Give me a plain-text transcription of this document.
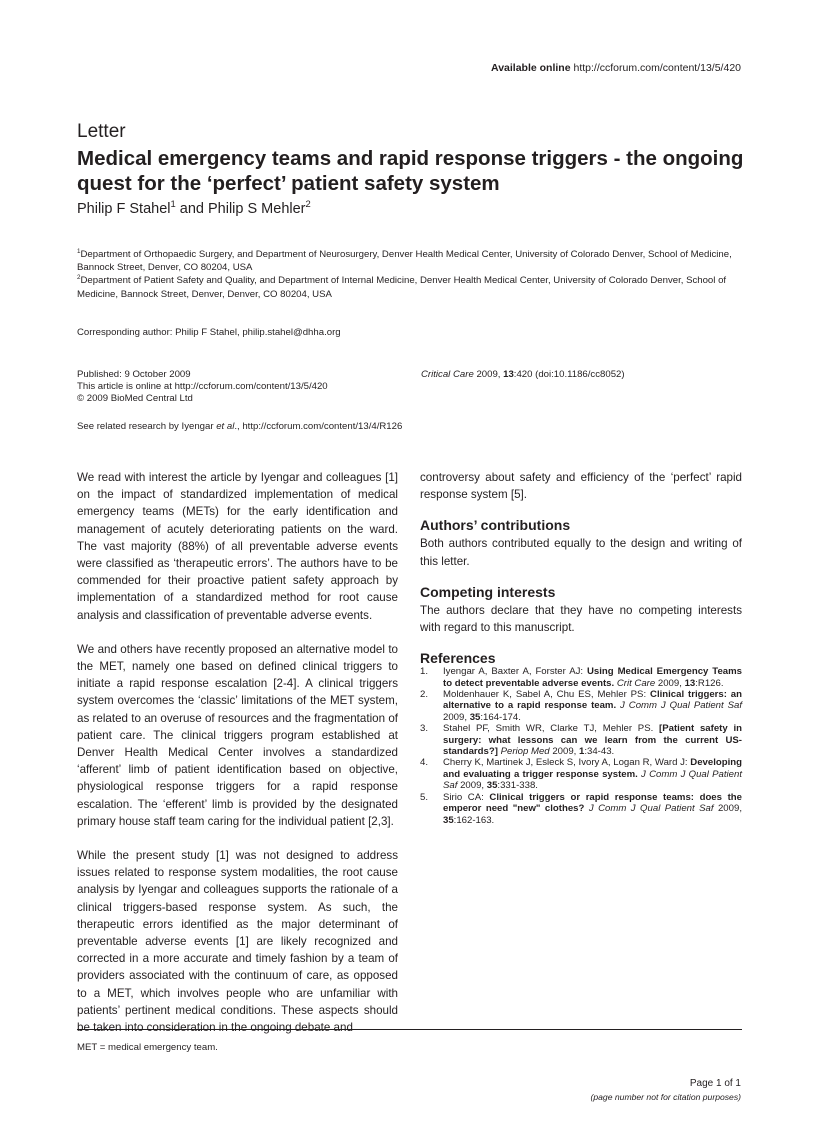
Available online http://ccforum.com/content/13/5/420
Letter
Medical emergency teams and rapid response triggers - the ongoing quest for the ‘perfect’ patient safety system
Philip F Stahel$^1$ and Philip S Mehler$^2$
$^1$Department of Orthopaedic Surgery, and Department of Neurosurgery, Denver Health Medical Center, University of Colorado Denver, School of Medicine, Bannock Street, Denver, CO 80204, USA
$^2$Department of Patient Safety and Quality, and Department of Internal Medicine, Denver Health Medical Center, University of Colorado Denver, School of Medicine, Bannock Street, Denver, Denver, CO 80204, USA
Corresponding author: Philip F Stahel, philip.stahel@dhha.org
Published: 9 October 2009
This article is online at http://ccforum.com/content/13/5/420
© 2009 BioMed Central Ltd
Critical Care 2009, 13:420 (doi:10.1186/cc8052)
See related research by Iyengar et al., http://ccforum.com/content/13/4/R126

We read with interest the article by Iyengar and colleagues [1] on the impact of standardized implementation of medical emergency teams (METs) for the early identification and management of acutely deteriorating patients on the ward. The vast majority (88%) of all preventable adverse events were classified as ‘therapeutic errors’. The authors have to be commended for their proactive patient safety approach by implementation of a standardized method for root cause analysis and classification of preventable adverse events.

We and others have recently proposed an alternative model to the MET, namely one based on defined clinical triggers to initiate a rapid response escalation [2-4]. A clinical triggers system overcomes the ‘classic’ limitations of the MET system, as related to an overuse of resources and the fragmentation of patient care. The clinical triggers program established at Denver Health Medical Center involves a standardized ‘afferent’ limb of patient identification based on objective, physiological response triggers for a rapid response escalation. The ‘efferent’ limb is provided by the designated primary house staff team caring for the individual patient [2,3].

While the present study [1] was not designed to address issues related to response system modalities, the root cause analysis by Iyengar and colleagues supports the rationale of a clinical triggers-based response system. As such, the therapeutic errors identified as the major determinant of preventable adverse events [1] are likely recognized and corrected in a more accurate and timely fashion by a team of providers associated with the continuum of care, as opposed to a MET, which involves people who are unfamiliar with patients’ pertinent medical conditions. These aspects should be taken into consideration in the ongoing debate and

controversy about safety and efficiency of the ‘perfect’ rapid response system [5].

Authors’ contributions

Both authors contributed equally to the design and writing of this letter.

Competing interests

The authors declare that they have no competing interests with regard to this manuscript.

References
1. Iyengar A, Baxter A, Forster AJ: Using Medical Emergency Teams to detect preventable adverse events. Crit Care 2009, 13:R126.
2. Moldenhauer K, Sabel A, Chu ES, Mehler PS: Clinical triggers: an alternative to a rapid response team. J Comm J Qual Patient Saf 2009, 35:164-174.
3. Stahel PF, Smith WR, Clarke TJ, Mehler PS. [Patient safety in surgery: what lessons can we learn from the current US-standards?] Periop Med 2009, 1:34-43.
4. Cherry K, Martinek J, Esleck S, Ivory A, Logan R, Ward J: Developing and evaluating a trigger response system. J Comm J Qual Patient Saf 2009, 35:331-338.
5. Sirio CA: Clinical triggers or rapid response teams: does the emperor need "new" clothes? J Comm J Qual Patient Saf 2009, 35:162-163.
MET = medical emergency team.
Page 1 of 1
(page number not for citation purposes)
